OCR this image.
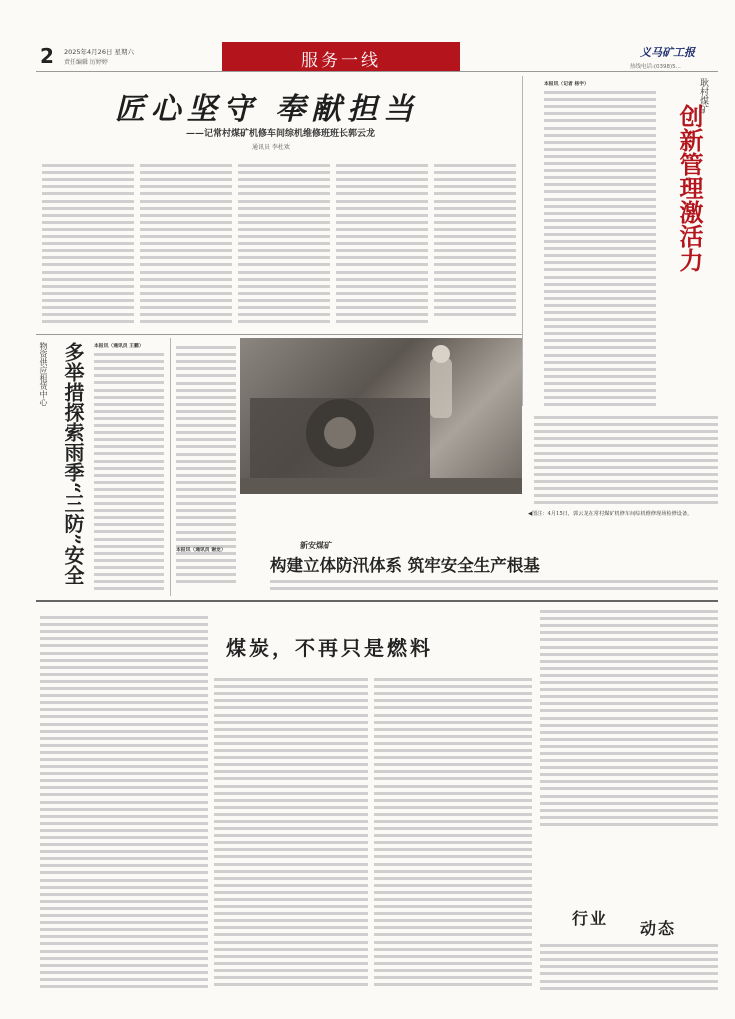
2 2025年4月26日 星期六
责任编辑 厉婷婷	服务一线	义马矿工报
热线电话:(0398)5...
匠心坚守 奉献担当
——记常村煤矿机修车间综机维修班班长郭云龙
通讯员 李杜欢
耿村煤矿
创新管理激活力
本报讯（记者 杨宇）
物资供应租赁中心 多举措探索雨季“三防”安全 本报讯（通讯员 王鹏）
◀图注：4月15日，郭云龙在常村煤矿机修车间综机维修现场检修设备。
新安煤矿
构建立体防汛体系 筑牢安全生产根基
本报讯（通讯员 谢龙）
煤炭，不再只是燃料
行业
动态
